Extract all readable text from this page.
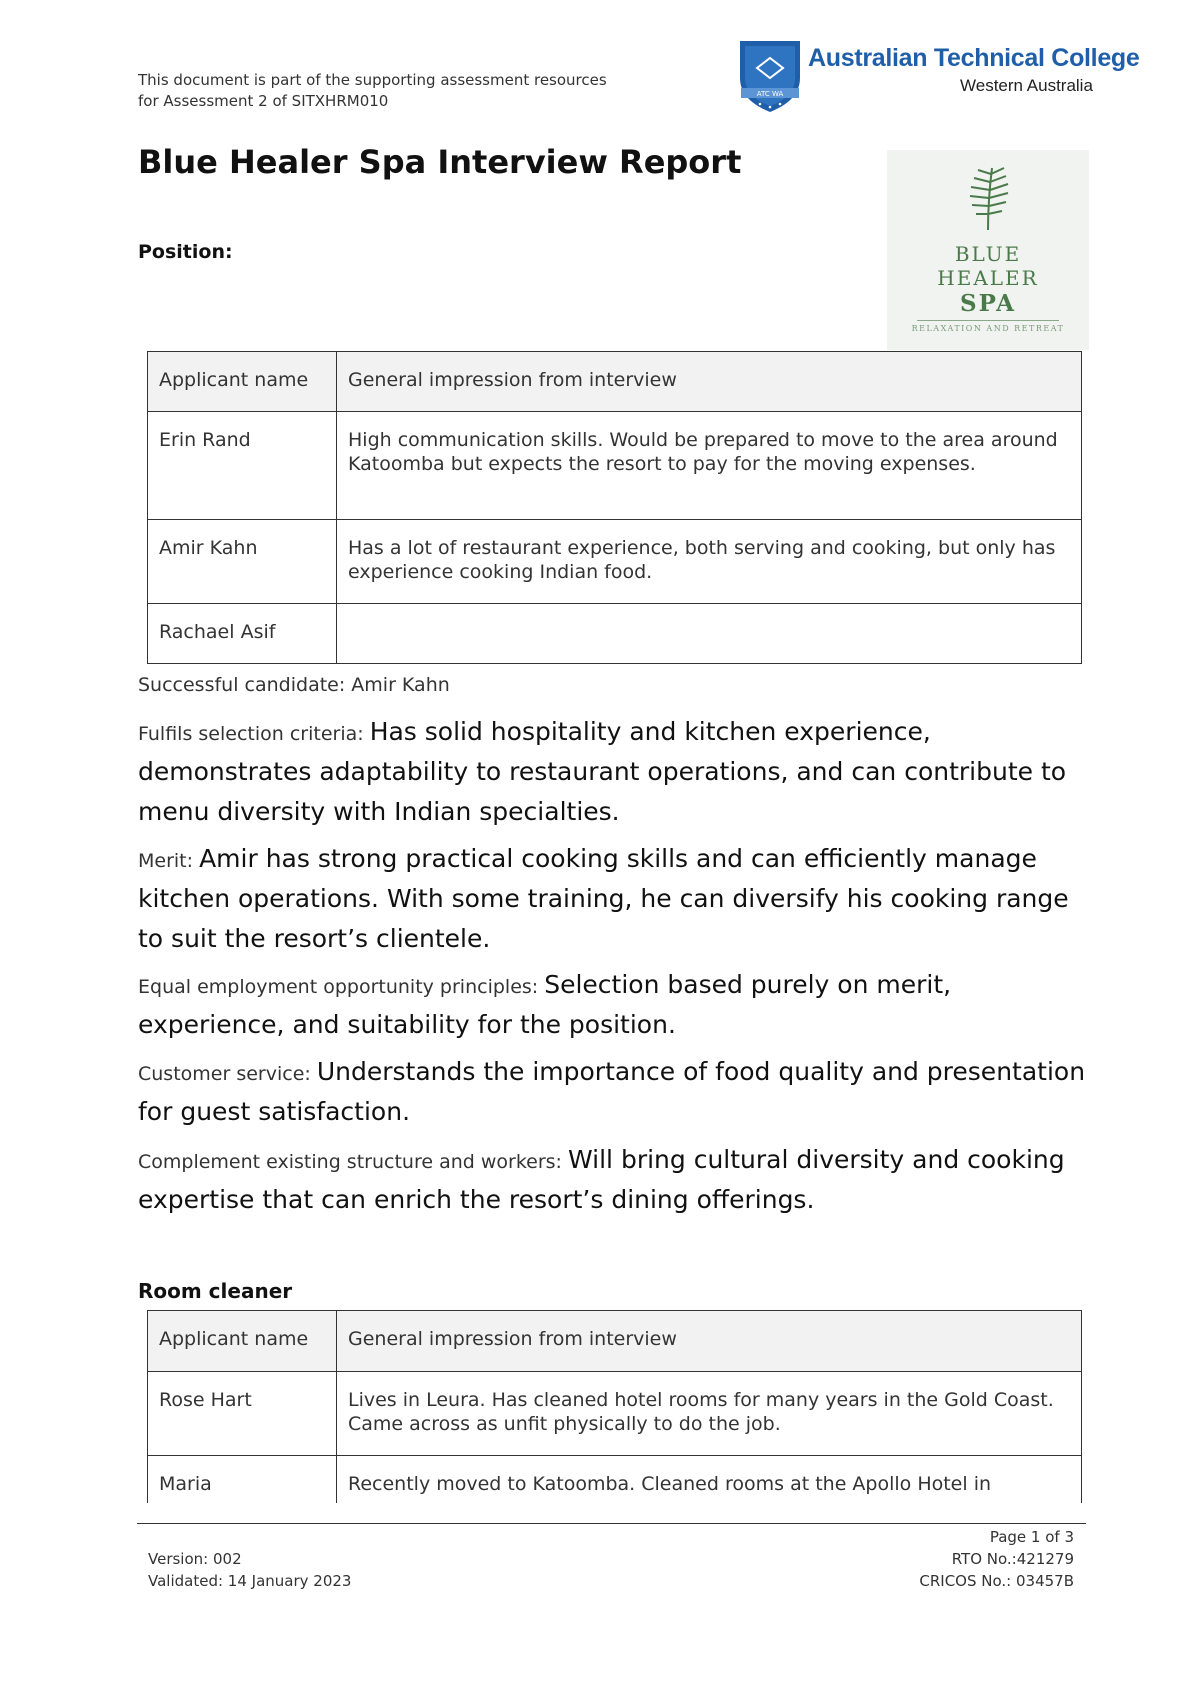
This document is part of the supporting assessment resources
for Assessment 2 of SITXHRM010	ATC WA
Australian Technical College
Western Australia
Blue Healer Spa Interview Report
Position:	BLUE
HEALER
SPA
RELAXATION AND RETREAT
Applicant name	General impression from interview
Erin Rand	High communication skills. Would be prepared to move to the area around Katoomba but expects the resort to pay for the moving expenses.
Amir Kahn	Has a lot of restaurant experience, both serving and cooking, but only has experience cooking Indian food.
Rachael Asif	
Successful candidate: Amir Kahn
Fulfils selection criteria: Has solid hospitality and kitchen experience, demonstrates adaptability to restaurant operations, and can contribute to menu diversity with Indian specialties.
Merit: Amir has strong practical cooking skills and can efficiently manage kitchen operations. With some training, he can diversify his cooking range to suit the resort’s clientele.
Equal employment opportunity principles: Selection based purely on merit, experience, and suitability for the position.
Customer service: Understands the importance of food quality and presentation for guest satisfaction.
Complement existing structure and workers: Will bring cultural diversity and cooking expertise that can enrich the resort’s dining offerings.
Room cleaner
Applicant name	General impression from interview
Rose Hart	Lives in Leura. Has cleaned hotel rooms for many years in the Gold Coast. Came across as unfit physically to do the job.
Maria	Recently moved to Katoomba. Cleaned rooms at the Apollo Hotel in
Version: 002
Validated: 14 January 2023
Page 1 of 3
RTO No.:421279
CRICOS No.: 03457B
